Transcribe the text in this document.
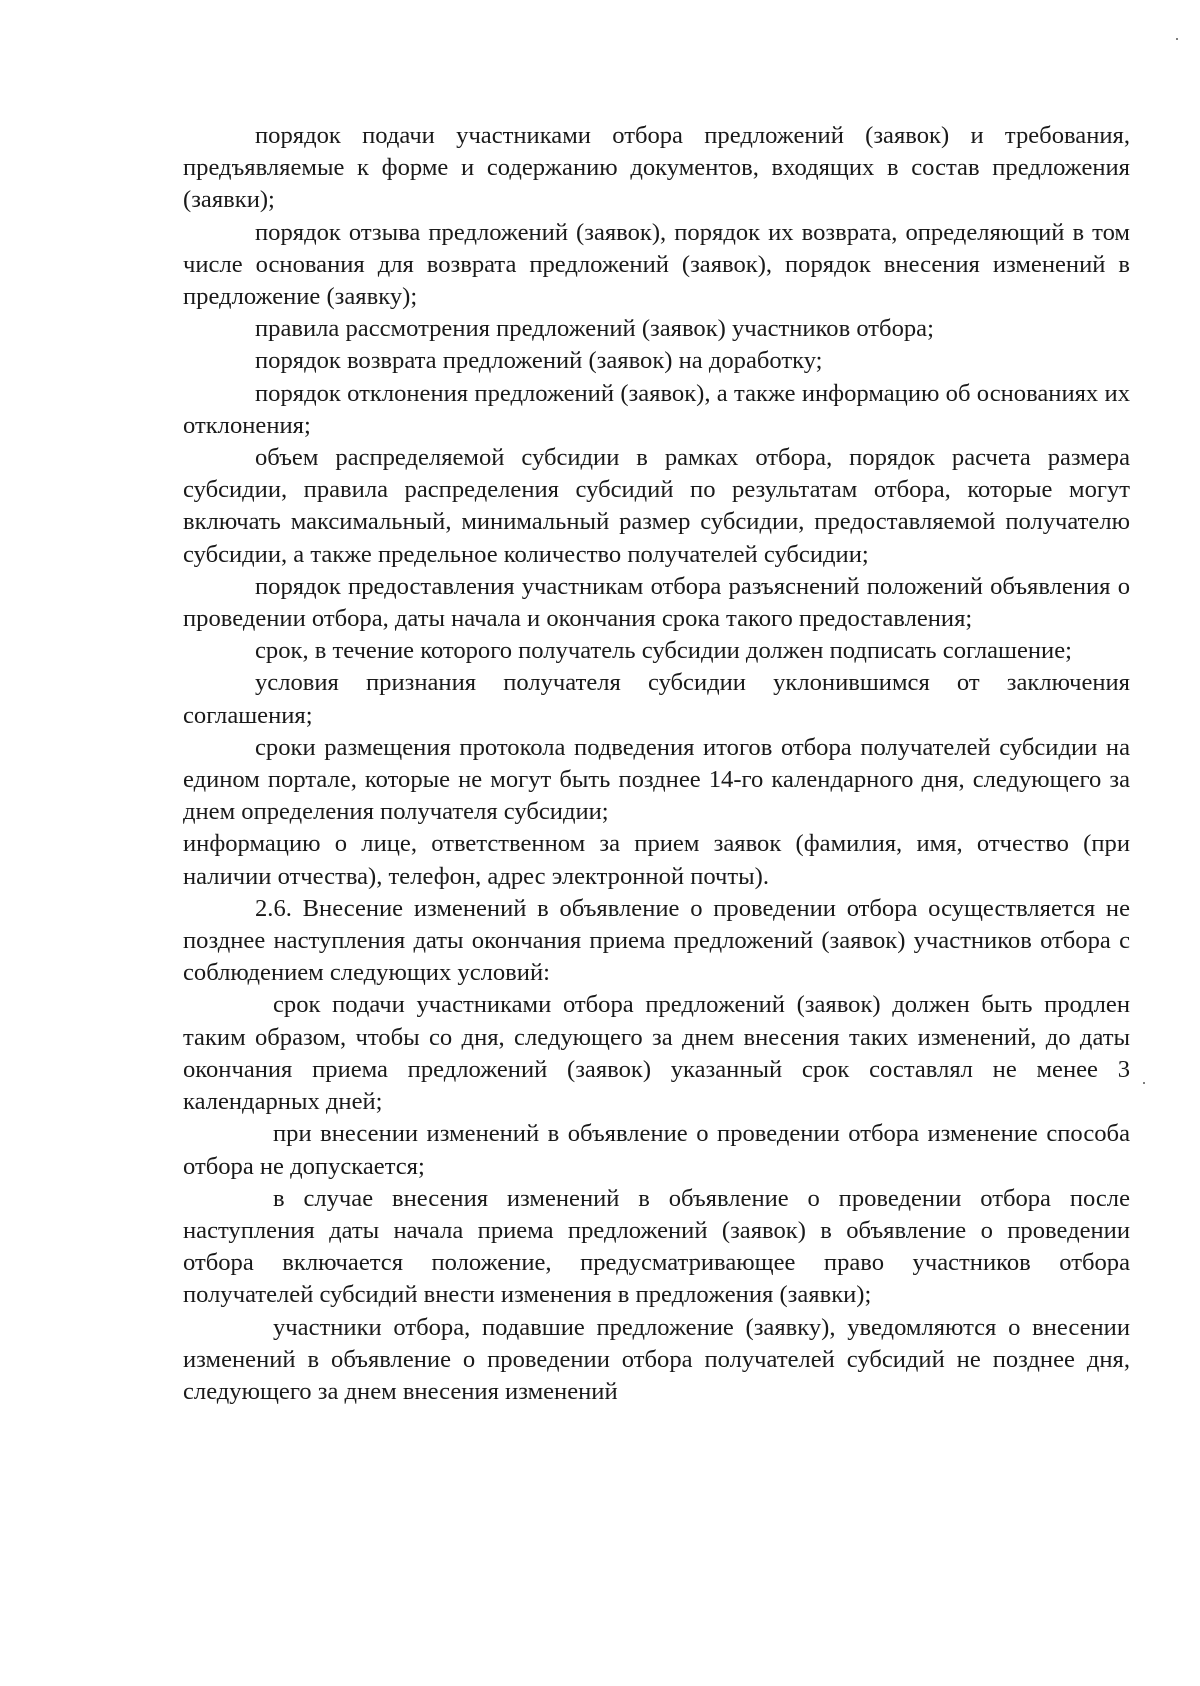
порядок подачи участниками отбора предложений (заявок) и требования, предъявляемые к форме и содержанию документов, входящих в состав предложения (заявки);

порядок отзыва предложений (заявок), порядок их возврата, определяющий в том числе основания для возврата предложений (заявок), порядок внесения изменений в предложение (заявку);

правила рассмотрения предложений (заявок) участников отбора;

порядок возврата предложений (заявок) на доработку;

порядок отклонения предложений (заявок), а также информацию об основаниях их отклонения;

объем распределяемой субсидии в рамках отбора, порядок расчета размера субсидии, правила распределения субсидий по результатам отбора, которые могут включать максимальный, минимальный размер субсидии, предоставляемой получателю субсидии, а также предельное количество получателей субсидии;

порядок предоставления участникам отбора разъяснений положений объявления о проведении отбора, даты начала и окончания срока такого предоставления;

срок, в течение которого получатель субсидии должен подписать соглашение;

условия признания получателя субсидии уклонившимся от заключения соглашения;

сроки размещения протокола подведения итогов отбора получателей субсидии на едином портале, которые не могут быть позднее 14-го календарного дня, следующего за днем определения получателя субсидии;

информацию о лице, ответственном за прием заявок (фамилия, имя, отчество (при наличии отчества), телефон, адрес электронной почты).

2.6. Внесение изменений в объявление о проведении отбора осуществляется не позднее наступления даты окончания приема предложений (заявок) участников отбора с соблюдением следующих условий:

срок подачи участниками отбора предложений (заявок) должен быть продлен таким образом, чтобы со дня, следующего за днем внесения таких изменений, до даты окончания приема предложений (заявок) указанный срок составлял не менее 3 календарных дней;

при внесении изменений в объявление о проведении отбора изменение способа отбора не допускается;

в случае внесения изменений в объявление о проведении отбора после наступления даты начала приема предложений (заявок) в объявление о проведении отбора включается положение, предусматривающее право участников отбора получателей субсидий внести изменения в предложения (заявки);

участники отбора, подавшие предложение (заявку), уведомляются о внесении изменений в объявление о проведении отбора получателей субсидий не позднее дня, следующего за днем внесения изменений
